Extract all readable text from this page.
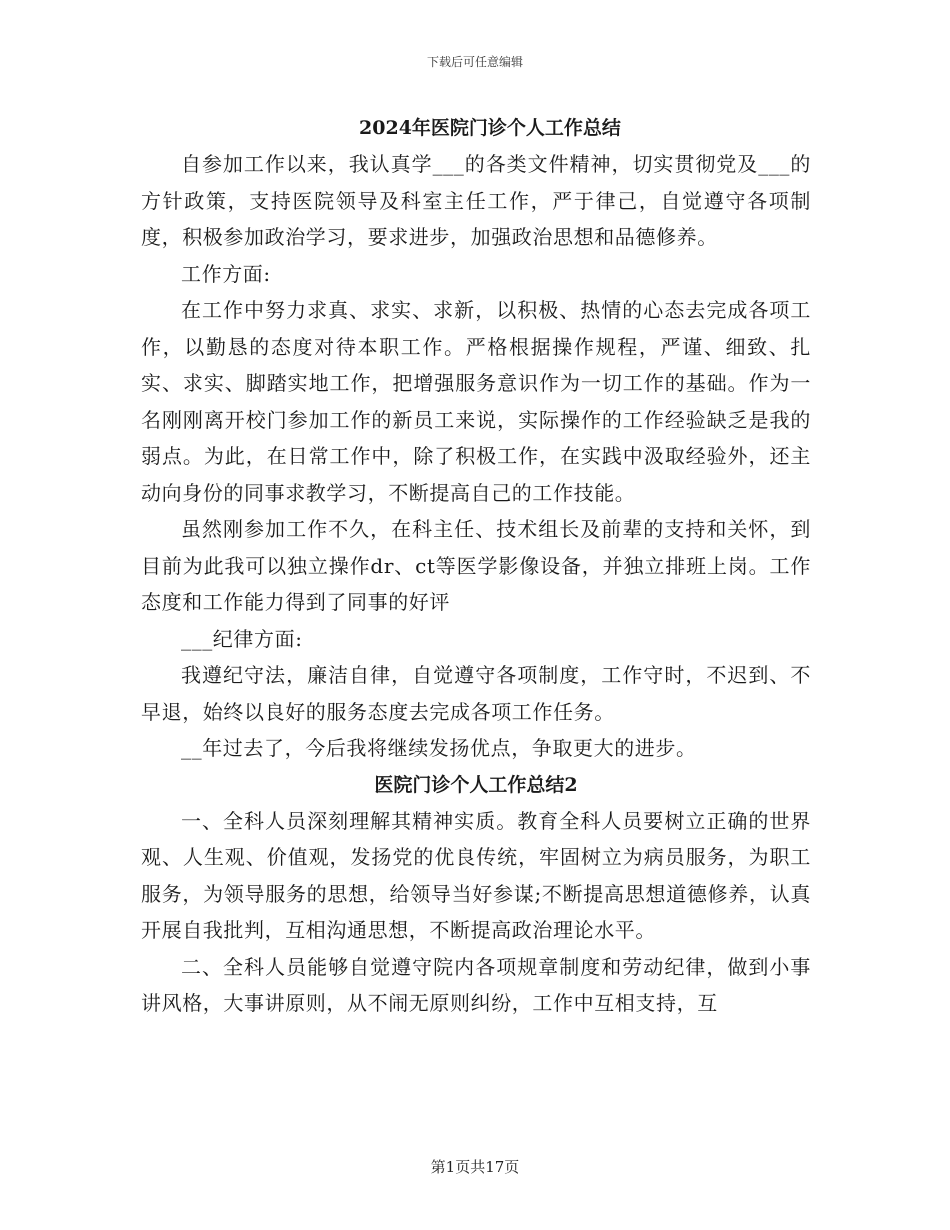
下载后可任意编辑
2024年医院门诊个人工作总结

自参加工作以来，我认真学___的各类文件精神，切实贯彻党及___的方针政策，支持医院领导及科室主任工作，严于律己，自觉遵守各项制度，积极参加政治学习，要求进步，加强政治思想和品德修养。

工作方面:

在工作中努力求真、求实、求新，以积极、热情的心态去完成各项工作，以勤恳的态度对待本职工作。严格根据操作规程，严谨、细致、扎实、求实、脚踏实地工作，把增强服务意识作为一切工作的基础。作为一名刚刚离开校门参加工作的新员工来说，实际操作的工作经验缺乏是我的弱点。为此，在日常工作中，除了积极工作，在实践中汲取经验外，还主动向身份的同事求教学习，不断提高自己的工作技能。

虽然刚参加工作不久，在科主任、技术组长及前辈的支持和关怀，到目前为此我可以独立操作dr、ct等医学影像设备，并独立排班上岗。工作态度和工作能力得到了同事的好评

___纪律方面:

我遵纪守法，廉洁自律，自觉遵守各项制度，工作守时，不迟到、不早退，始终以良好的服务态度去完成各项工作任务。

__年过去了，今后我将继续发扬优点，争取更大的进步。

医院门诊个人工作总结2

一、全科人员深刻理解其精神实质。教育全科人员要树立正确的世界观、人生观、价值观，发扬党的优良传统，牢固树立为病员服务，为职工服务，为领导服务的思想，给领导当好参谋;不断提高思想道德修养，认真开展自我批判，互相沟通思想，不断提高政治理论水平。

二、全科人员能够自觉遵守院内各项规章制度和劳动纪律，做到小事讲风格，大事讲原则，从不闹无原则纠纷，工作中互相支持，互

第1页共17页
